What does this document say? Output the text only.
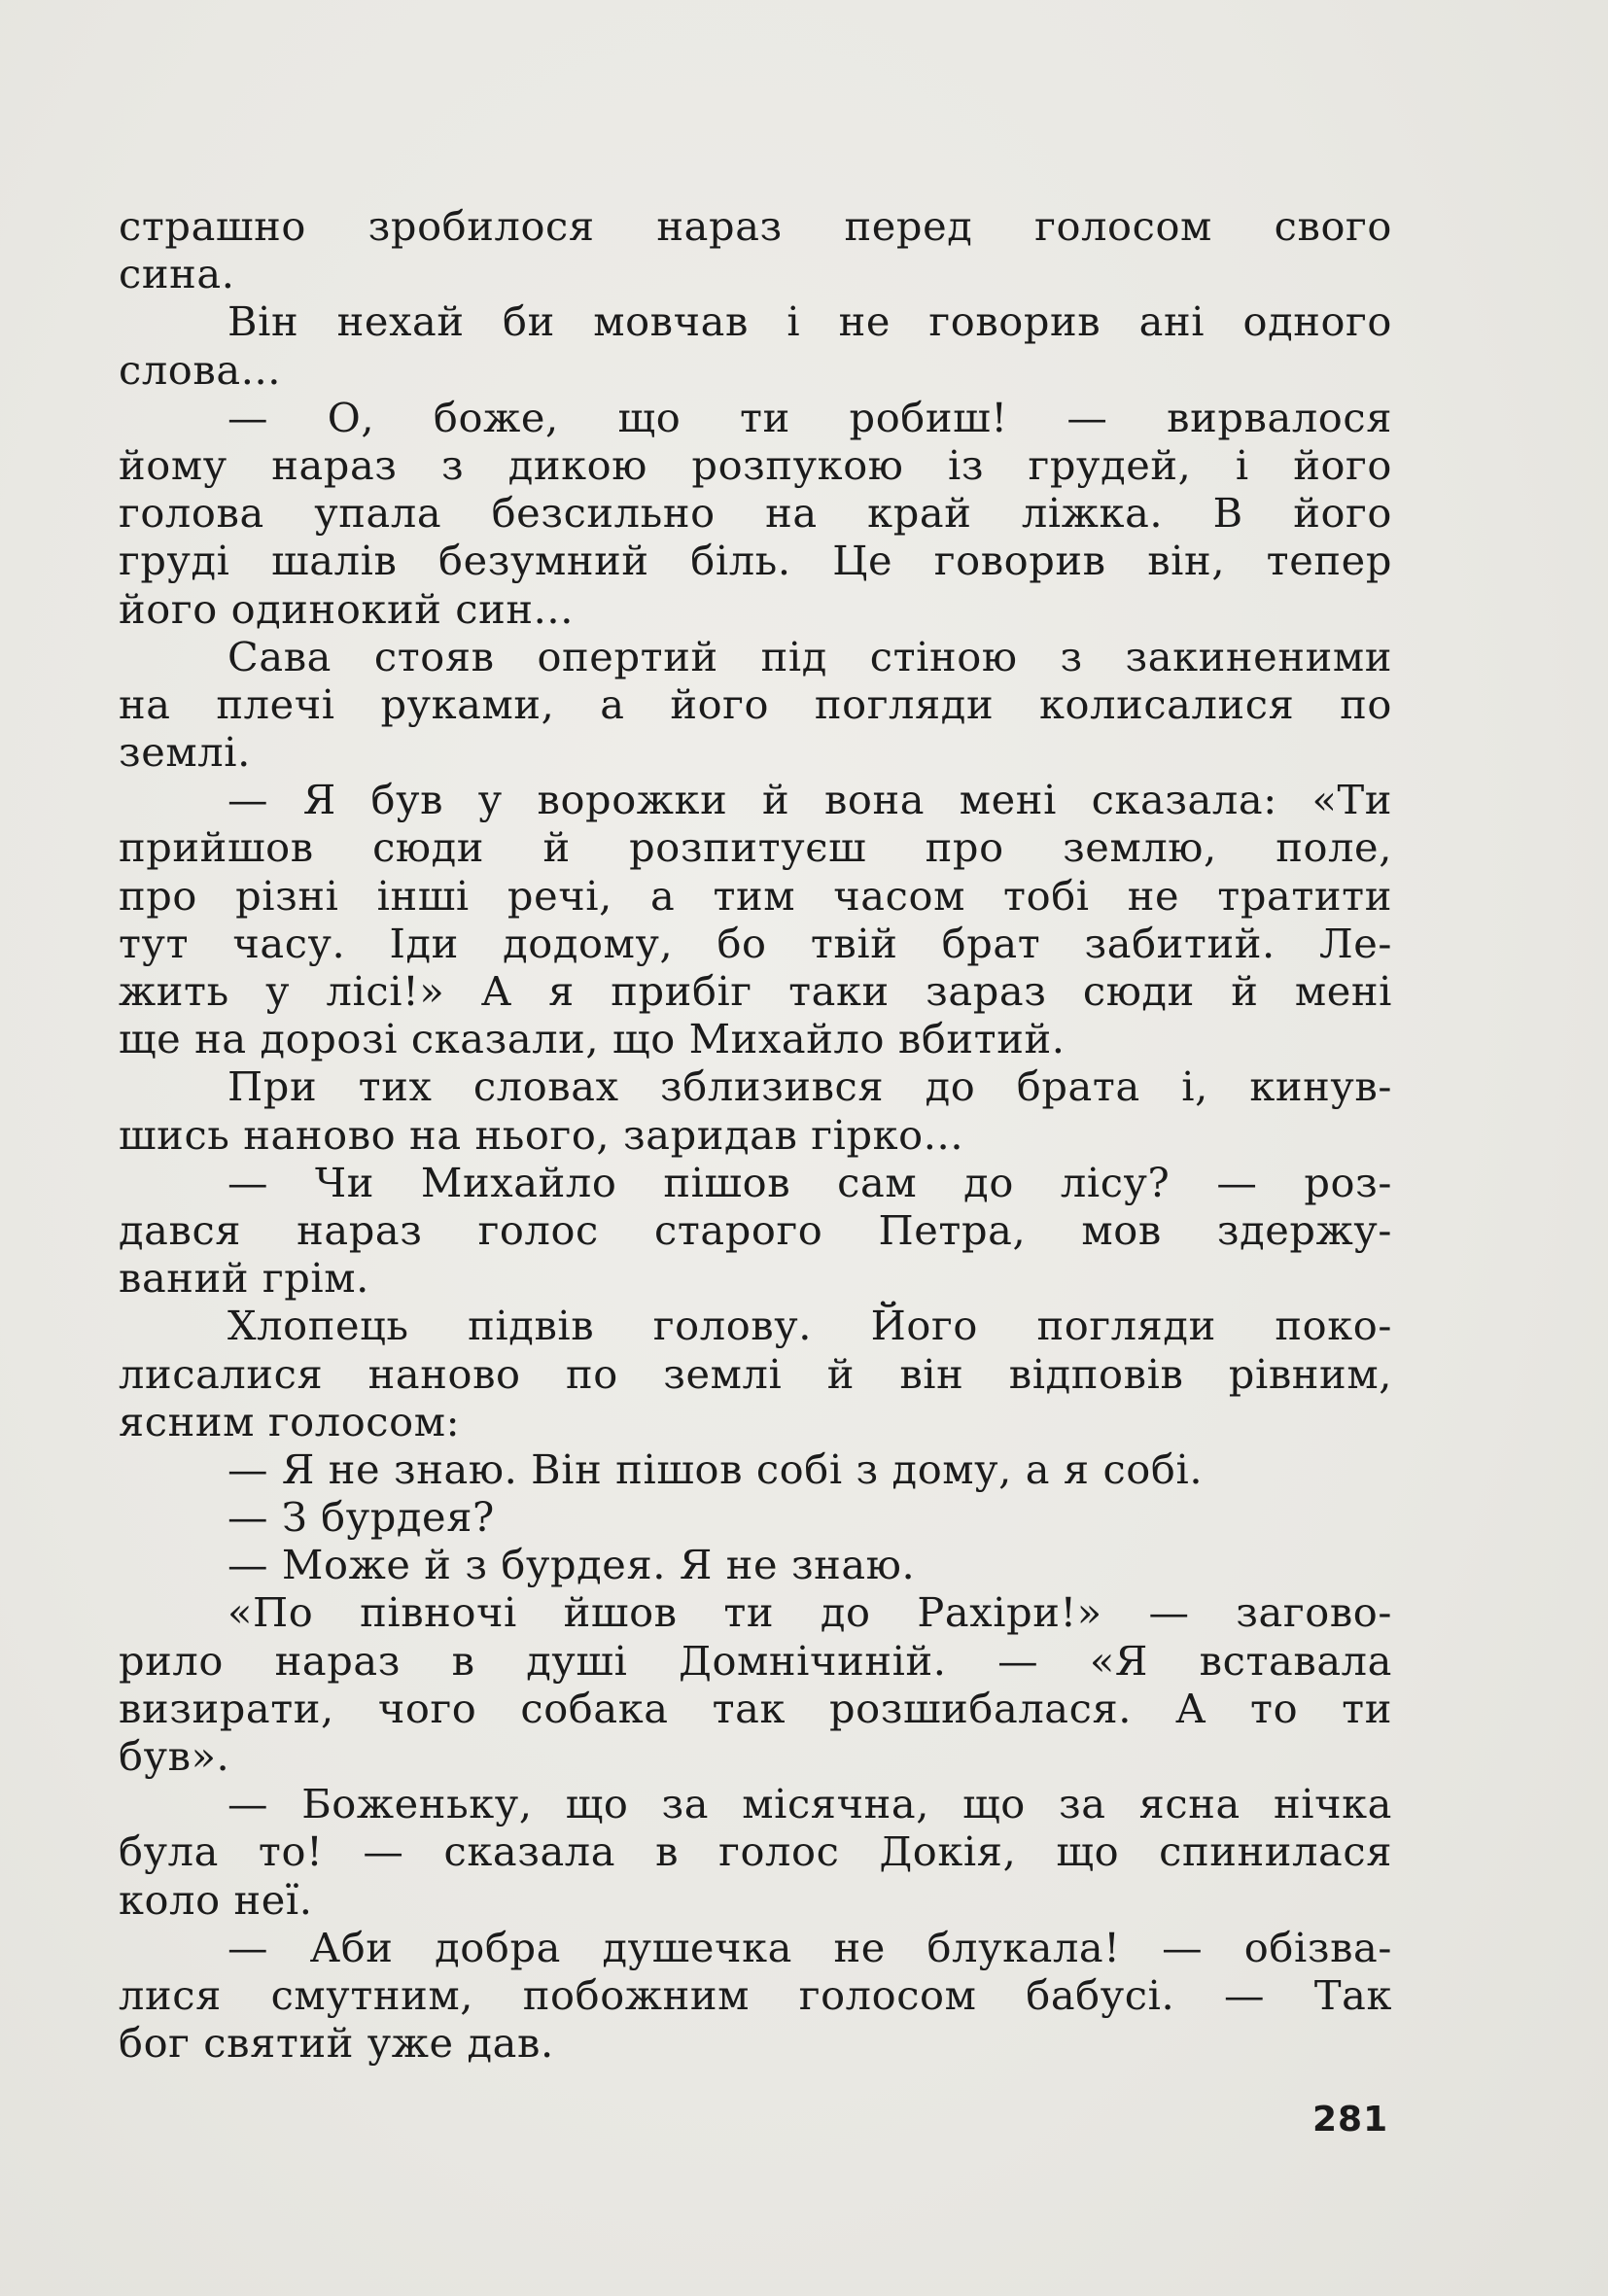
страшно зробилося нараз перед голосом свого
сина.
Він нехай би мовчав і не говорив ані одного
слова...
— О, боже, що ти робиш! — вирвалося
йому нараз з дикою розпукою із грудей, і його
голова упала безсильно на край ліжка. В його
груді шалів безумний біль. Це говорив він, тепер
його одинокий син...
Сава стояв опертий під стіною з закиненими
на плечі руками, а його погляди колисалися по
землі.
— Я був у ворожки й вона мені сказала: «Ти
прийшов сюди й розпитуєш про землю, поле,
про різні інші речі, а тим часом тобі не тратити
тут часу. Іди додому, бо твій брат забитий. Ле-
жить у лісі!» А я прибіг таки зараз сюди й мені
ще на дорозі сказали, що Михайло вбитий.
При тих словах зблизився до брата і, кинув-
шись наново на нього, заридав гірко...
— Чи Михайло пішов сам до лісу? — роз-
дався нараз голос старого Петра, мов здержу-
ваний грім.
Хлопець підвів голову. Його погляди поко-
лисалися наново по землі й він відповів рівним,
ясним голосом:
— Я не знаю. Він пішов собі з дому, а я собі.
— З бурдея?
— Може й з бурдея. Я не знаю.
«По півночі йшов ти до Рахіри!» — загово-
рило нараз в душі Домнічиній. — «Я вставала
визирати, чого собака так розшибалася. А то ти
був».
— Боженьку, що за місячна, що за ясна нічка
була то! — сказала в голос Докія, що спинилася
коло неї.
— Аби добра душечка не блукала! — обізва-
лися смутним, побожним голосом бабусі. — Так
бог святий уже дав.
281
